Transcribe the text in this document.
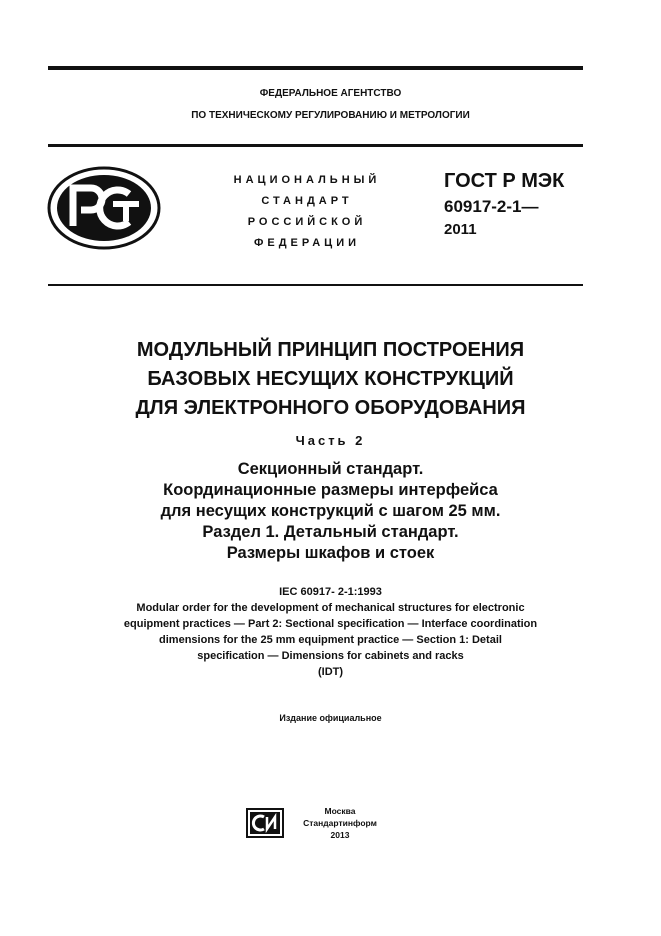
ФЕДЕРАЛЬНОЕ АГЕНТСТВО
ПО ТЕХНИЧЕСКОМУ РЕГУЛИРОВАНИЮ И МЕТРОЛОГИИ
НАЦИОНАЛЬНЫЙ
СТАНДАРТ
РОССИЙСКОЙ
ФЕДЕРАЦИИ
ГОСТ Р МЭК
60917-2-1—
2011
МОДУЛЬНЫЙ ПРИНЦИП ПОСТРОЕНИЯ
БАЗОВЫХ НЕСУЩИХ КОНСТРУКЦИЙ
ДЛЯ ЭЛЕКТРОННОГО ОБОРУДОВАНИЯ
Часть 2
Секционный стандарт.
Координационные размеры интерфейса
для несущих конструкций с шагом 25 мм.
Раздел 1. Детальный стандарт.
Размеры шкафов и стоек
IEC 60917- 2-1:1993
Modular order for the development of mechanical structures for electronic
equipment practices — Part 2: Sectional specification — Interface coordination
dimensions for the 25 mm equipment practice — Section 1: Detail
specification — Dimensions for cabinets and racks
(IDT)
Издание официальное
Москва
Стандартинформ
2013
